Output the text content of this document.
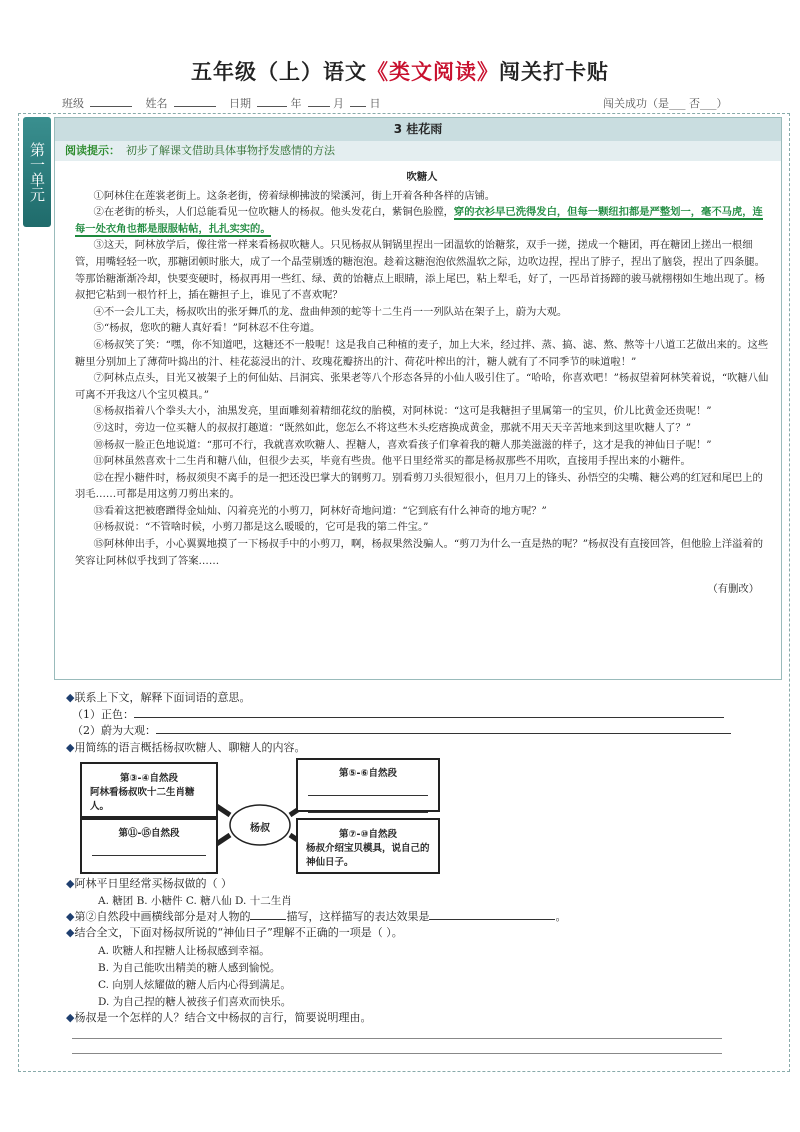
五年级（上）语文《类文阅读》闯关打卡贴
班级	姓名	日期	年	月 日	闯关成功（是___ 否___）
第一单元
3 桂花雨
阅读提示： 初步了解课文借助具体事物抒发感情的方法
吹糖人

①阿林住在莲裳老街上。这条老街，傍着绿柳拂波的梁溪河，街上开着各种各样的店铺。

②在老街的桥头，人们总能看见一位吹糖人的杨叔。他头发花白，紫铜色脸膛，穿的衣衫早已洗得发白，但每一颗纽扣都是严整划一，毫不马虎，连每一处衣角也都是服服帖帖，扎扎实实的。

③这天，阿林放学后，像往常一样来看杨叔吹糖人。只见杨叔从铜锅里捏出一团温软的饴糖浆，双手一搓，搓成一个糖团，再在糖团上搓出一根细管，用嘴轻轻一吹，那糖团顿时胀大，成了一个晶莹剔透的糖泡泡。趁着这糖泡泡依然温软之际，边吹边捏，捏出了脖子，捏出了脑袋，捏出了四条腿。等那饴糖渐渐冷却，快要变硬时，杨叔再用一些红、绿、黄的饴糖点上眼睛，添上尾巴，粘上犁毛，好了，一匹昂首扬蹄的骏马就栩栩如生地出现了。杨叔把它粘到一根竹杆上，插在糖担子上，谁见了不喜欢呢？

④不一会儿工夫，杨叔吹出的张牙舞爪的龙、盘曲伸颈的蛇等十二生肖一一列队站在架子上，蔚为大观。

⑤“杨叔，您吹的糖人真好看！”阿林忍不住夸道。

⑥杨叔笑了笑：“嘿，你不知道吧，这糖还不一般呢！这是我自己种植的麦子，加上大米，经过拌、蒸、搞、滤、熬、熬等十八道工艺做出来的。这些糖里分别加上了薄荷叶捣出的汁、桂花蕊浸出的汁、玫瑰花瓣挤出的汁、荷花叶榨出的汁，糖人就有了不同季节的味道啦！”

⑦阿林点点头，目光又被架子上的何仙姑、吕洞宾、张果老等八个形态各异的小仙人吸引住了。“哈哈，你喜欢吧！”杨叔望着阿林笑着说，“吹糖八仙可离不开我这八个宝贝模具。”

⑧杨叔指着八个拳头大小，油黑发亮，里面雕刻着精细花纹的胎模，对阿林说：“这可是我糖担子里属第一的宝贝，价儿比黄金还贵呢！”

⑨这时，旁边一位买糖人的叔叔打趣道：“既然如此，您怎么不将这些木头疙瘩换成黄金，那就不用天天辛苦地来到这里吹糖人了？”

⑩杨叔一脸正色地说道：“那可不行，我就喜欢吹糖人、捏糖人，喜欢看孩子们拿着我的糖人那美滋滋的样子，这才是我的神仙日子呢！”

⑪阿林虽然喜欢十二生肖和糖八仙，但很少去买，毕竟有些贵。他平日里经常买的都是杨叔那些不用吹，直接用手捏出来的小糖件。

⑫在捏小糖件时，杨叔须臾不离手的是一把还没巴掌大的钢剪刀。别看剪刀头很短很小，但月刀上的锋头、孙悟空的尖嘴、糖公鸡的红冠和尾巴上的羽毛……可都是用这剪刀剪出来的。

⑬看着这把被磨蹭得金灿灿、闪着亮光的小剪刀，阿林好奇地问道：“它到底有什么神奇的地方呢？”

⑭杨叔说：“不管啥时候，小剪刀都是这么暖暖的，它可是我的第二件宝。”

⑮阿林伸出手，小心翼翼地摸了一下杨叔手中的小剪刀，啊，杨叔果然没骗人。“剪刀为什么一直是热的呢？”杨叔没有直接回答，但他脸上洋溢着的笑容让阿林似乎找到了答案……

（有删改）
◆联系上下文，解释下面词语的意思。
（1）正色：
（2）蔚为大观：
◆用简练的语言概括杨叔吹糖人、聊糖人的内容。
杨叔
第③-④自然段
阿林看杨叔吹十二生肖糖人。
第⑤-⑥自然段
第⑪-⑮自然段	第⑦-⑩自然段
杨叔介绍宝贝模具，说自己的神仙日子。
◆阿林平日里经常买杨叔做的（ ）
A. 糖团 B. 小糖件 C. 糖八仙 D. 十二生肖
◆第②自然段中画横线部分是对人物的	描写，这样描写的表达效果是	。
◆结合全文，下面对杨叔所说的“神仙日子”理解不正确的一项是（ ）。
A. 吹糖人和捏糖人让杨叔感到幸福。
B. 为自己能吹出精美的糖人感到愉悦。
C. 向别人炫耀做的糖人后内心得到满足。
D. 为自己捏的糖人被孩子们喜欢而快乐。
◆杨叔是一个怎样的人？结合文中杨叔的言行，简要说明理由。
